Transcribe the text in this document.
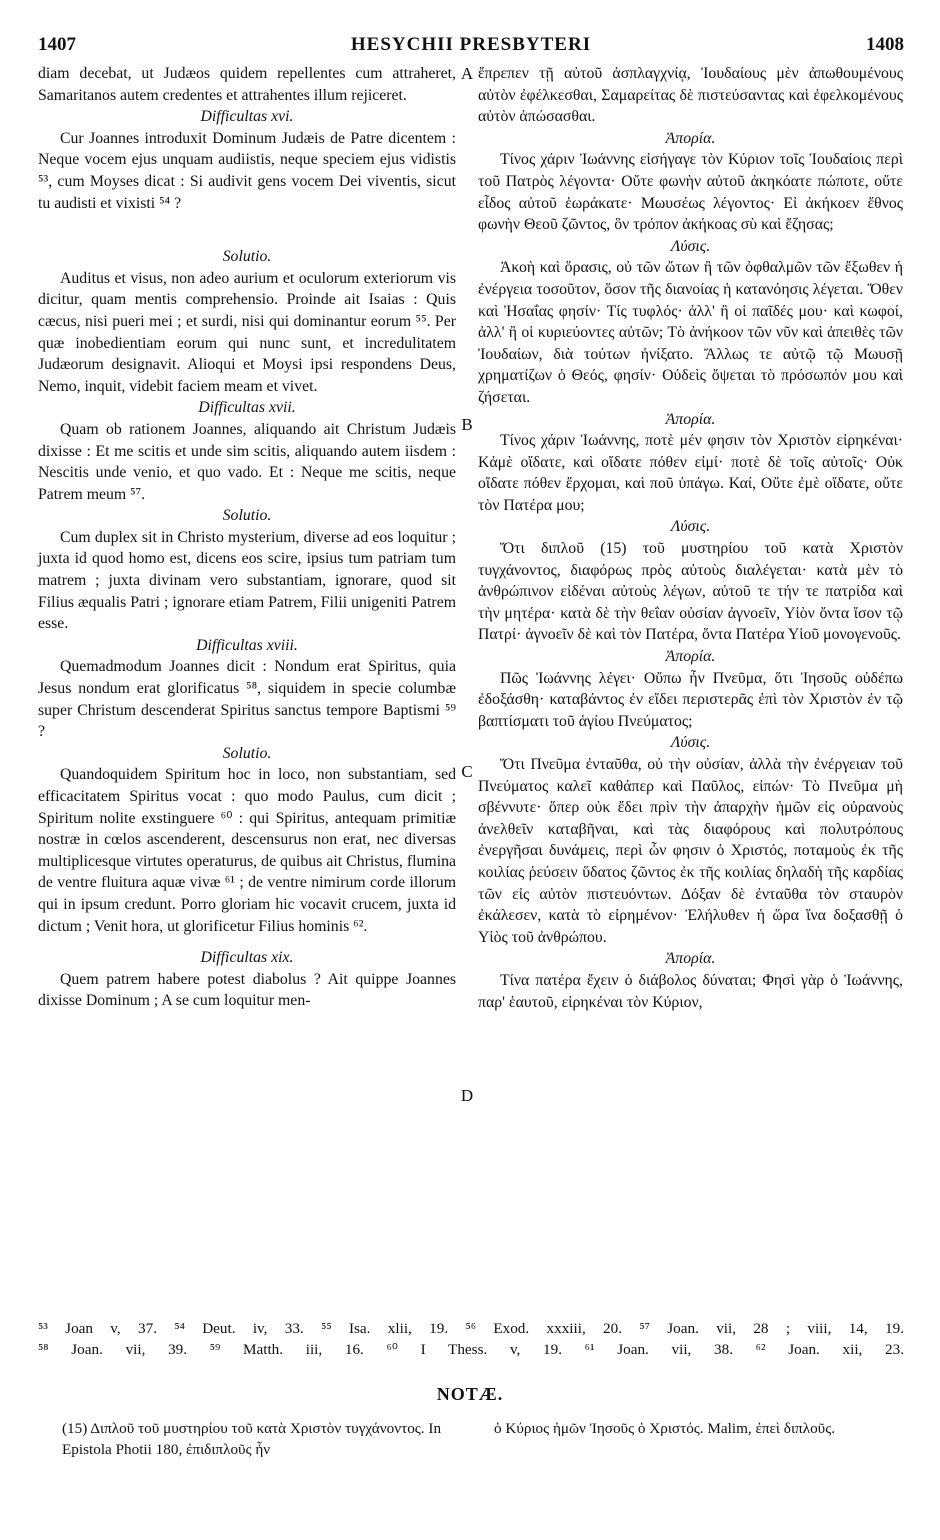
1407	HESYCHII PRESBYTERI	1408
A
B
C
D

diam decebat, ut Judæos quidem repellentes cum attraheret, Samaritanos autem credentes et attrahentes illum rejiceret.

Difficultas xvi.

Cur Joannes introduxit Dominum Judæis de Patre dicentem : Neque vocem ejus unquam audiistis, neque speciem ejus vidistis ⁵³, cum Moyses dicat : Si audivit gens vocem Dei viventis, sicut tu audisti et vixisti ⁵⁴ ?

Solutio.

Auditus et visus, non adeo aurium et oculorum exteriorum vis dicitur, quam mentis comprehensio. Proinde ait Isaias : Quis cæcus, nisi pueri mei ; et surdi, nisi qui dominantur eorum ⁵⁵. Per quæ inobedientiam eorum qui nunc sunt, et incredulitatem Judæorum designavit. Alioqui et Moysi ipsi respondens Deus, Nemo, inquit, videbit faciem meam et vivet.

Difficultas xvii.

Quam ob rationem Joannes, aliquando ait Christum Judæis dixisse : Et me scitis et unde sim scitis, aliquando autem iisdem : Nescitis unde venio, et quo vado. Et : Neque me scitis, neque Patrem meum ⁵⁷.

Solutio.

Cum duplex sit in Christo mysterium, diverse ad eos loquitur ; juxta id quod homo est, dicens eos scire, ipsius tum patriam tum matrem ; juxta divinam vero substantiam, ignorare, quod sit Filius æqualis Patri ; ignorare etiam Patrem, Filii unigeniti Patrem esse.

Difficultas xviii.

Quemadmodum Joannes dicit : Nondum erat Spiritus, quia Jesus nondum erat glorificatus ⁵⁸, siquidem in specie columbæ super Christum descenderat Spiritus sanctus tempore Baptismi ⁵⁹ ?

Solutio.

Quandoquidem Spiritum hoc in loco, non substantiam, sed efficacitatem Spiritus vocat : quo modo Paulus, cum dicit ; Spiritum nolite exstinguere ⁶⁰ : qui Spiritus, antequam primitiæ nostræ in cœlos ascenderent, descensurus non erat, nec diversas multiplicesque virtutes operaturus, de quibus ait Christus, flumina de ventre fluitura aquæ vivæ ⁶¹ ; de ventre nimirum corde illorum qui in ipsum credunt. Porro gloriam hic vocavit crucem, juxta id dictum ; Venit hora, ut glorificetur Filius hominis ⁶².

Difficultas xix.

Quem patrem habere potest diabolus ? Ait quippe Joannes dixisse Dominum ; A se cum loquitur men-

ἔπρεπεν τῇ αὐτοῦ ἀσπλαγχνίᾳ, Ἰουδαίους μὲν ἀπωθουμένους αὐτὸν ἐφέλκεσθαι, Σαμαρείτας δὲ πιστεύσαντας καὶ ἐφελκομένους αὐτὸν ἀπώσασθαι.

Ἀπορία.

Τίνος χάριν Ἰωάννης εἰσήγαγε τὸν Κύριον τοῖς Ἰουδαίοις περὶ τοῦ Πατρὸς λέγοντα· Οὔτε φωνὴν αὐτοῦ ἀκηκόατε πώποτε, οὔτε εἶδος αὐτοῦ ἑωράκατε· Μωυσέως λέγοντος· Εἰ ἀκήκοεν ἔθνος φωνὴν Θεοῦ ζῶντος, ὃν τρόπον ἀκήκοας σὺ καὶ ἔζησας;

Λύσις.

Ἀκοὴ καὶ ὅρασις, οὐ τῶν ὤτων ἢ τῶν ὀφθαλμῶν τῶν ἔξωθεν ἡ ἐνέργεια τοσοῦτον, ὅσον τῆς διανοίας ἡ κατανόησις λέγεται. Ὅθεν καὶ Ἠσαΐας φησίν· Τίς τυφλός· ἀλλ' ἢ οἱ παῖδές μου· καὶ κωφοί, ἀλλ' ἢ οἱ κυριεύοντες αὐτῶν; Τὸ ἀνήκοον τῶν νῦν καὶ ἀπειθὲς τῶν Ἰουδαίων, διὰ τούτων ἠνίξατο. Ἄλλως τε αὐτῷ τῷ Μωυσῇ χρηματίζων ὁ Θεός, φησίν· Οὐδεὶς ὄψεται τὸ πρόσωπόν μου καὶ ζήσεται.

Ἀπορία.

Τίνος χάριν Ἰωάννης, ποτὲ μέν φησιν τὸν Χριστὸν εἰρηκέναι· Κἀμὲ οἴδατε, καὶ οἴδατε πόθεν εἰμί· ποτὲ δὲ τοῖς αὐτοῖς· Οὐκ οἴδατε πόθεν ἔρχομαι, καὶ ποῦ ὑπάγω. Καί, Οὔτε ἐμὲ οἴδατε, οὔτε τὸν Πατέρα μου;

Λύσις.

Ὅτι διπλοῦ (15) τοῦ μυστηρίου τοῦ κατὰ Χριστὸν τυγχάνοντος, διαφόρως πρὸς αὐτοὺς διαλέγεται· κατὰ μὲν τὸ ἀνθρώπινον εἰδέναι αὐτοὺς λέγων, αὐτοῦ τε τήν τε πατρίδα καὶ τὴν μητέρα· κατὰ δὲ τὴν θεΐαν οὐσίαν ἀγνοεῖν, Υἱὸν ὄντα ἴσον τῷ Πατρί· ἀγνοεῖν δὲ καὶ τὸν Πατέρα, ὄντα Πατέρα Υἱοῦ μονογενοῦς.

Ἀπορία.

Πῶς Ἰωάννης λέγει· Οὔπω ἦν Πνεῦμα, ὅτι Ἰησοῦς οὐδέπω ἐδοξάσθη· καταβάντος ἐν εἴδει περιστερᾶς ἐπὶ τὸν Χριστὸν ἐν τῷ βαπτίσματι τοῦ ἁγίου Πνεύματος;

Λύσις.

Ὅτι Πνεῦμα ἐνταῦθα, οὐ τὴν οὐσίαν, ἀλλὰ τὴν ἐνέργειαν τοῦ Πνεύματος καλεῖ καθάπερ καὶ Παῦλος, εἰπών· Τὸ Πνεῦμα μὴ σβέννυτε· ὅπερ οὐκ ἔδει πρὶν τὴν ἀπαρχὴν ἡμῶν εἰς οὐρανοὺς ἀνελθεῖν καταβῆναι, καὶ τὰς διαφόρους καὶ πολυτρόπους ἐνεργῆσαι δυνάμεις, περὶ ὧν φησιν ὁ Χριστός, ποταμοὺς ἐκ τῆς κοιλίας ῥεύσειν ὕδατος ζῶντος ἐκ τῆς κοιλίας δηλαδὴ τῆς καρδίας τῶν εἰς αὐτὸν πιστευόντων. Δόξαν δὲ ἐνταῦθα τὸν σταυρὸν ἐκάλεσεν, κατὰ τὸ εἰρημένον· Ἐλήλυθεν ἡ ὥρα ἵνα δοξασθῇ ὁ Υἱὸς τοῦ ἀνθρώπου.

Ἀπορία.

Τίνα πατέρα ἔχειν ὁ διάβολος δύναται; Φησὶ γὰρ ὁ Ἰωάννης, παρ' ἑαυτοῦ, εἰρηκέναι τὸν Κύριον,

⁵³ Joan v, 37. ⁵⁴ Deut. iv, 33. ⁵⁵ Isa. xlii, 19. ⁵⁶ Exod. xxxiii, 20. ⁵⁷ Joan. vii, 28 ; viii, 14, 19.
⁵⁸ Joan. vii, 39. ⁵⁹ Matth. iii, 16. ⁶⁰ I Thess. v, 19. ⁶¹ Joan. vii, 38. ⁶² Joan. xii, 23.
NOTÆ.
(15) Διπλοῦ τοῦ μυστηρίου τοῦ κατὰ Χριστὸν τυγχάνοντος. In Epistola Photii 180, ἐπιδιπλοῦς ἦν
ὁ Κύριος ἡμῶν Ἰησοῦς ὁ Χριστός. Malim, ἐπεὶ διπλοῦς.
